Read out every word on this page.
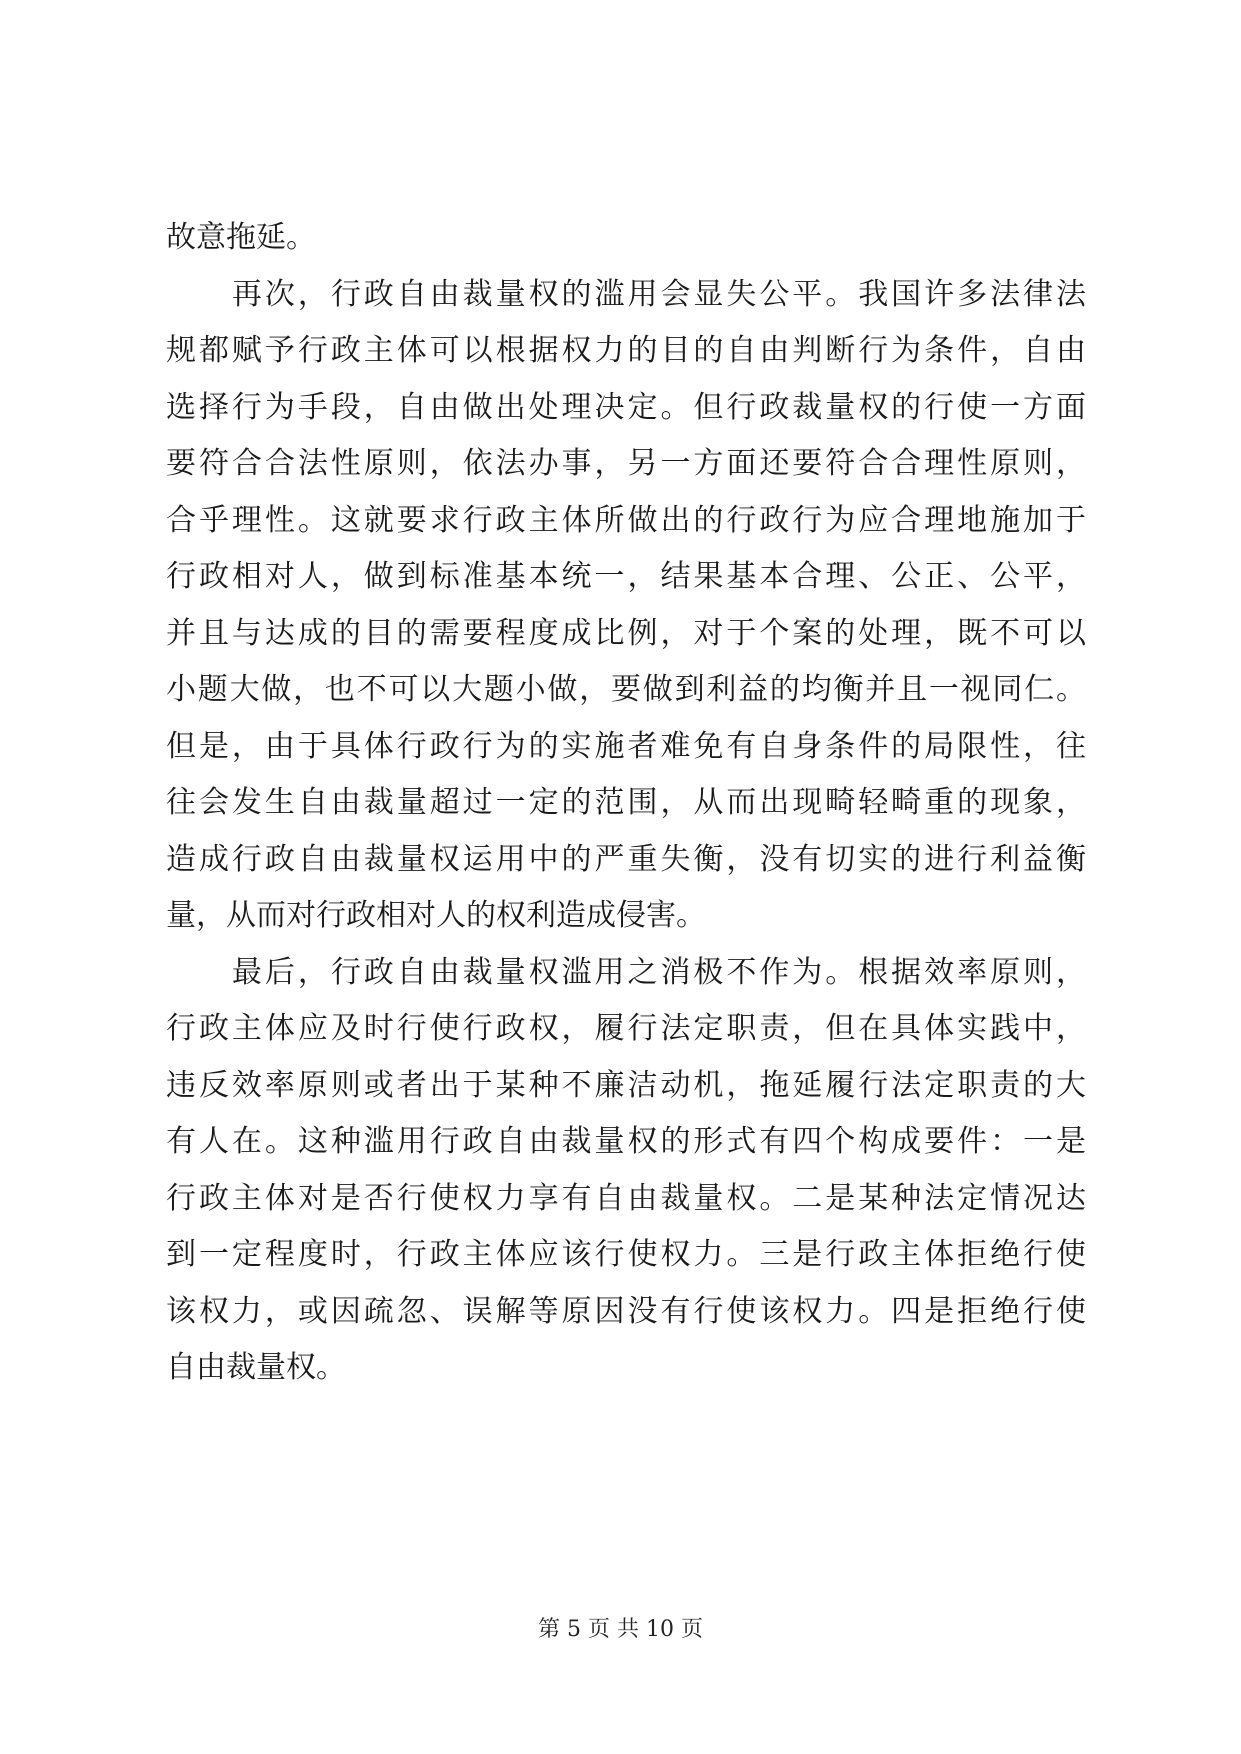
故意拖延。
　　再次，行政自由裁量权的滥用会显失公平。我国许多法律法
规都赋予行政主体可以根据权力的目的自由判断行为条件，自由
选择行为手段，自由做出处理决定。但行政裁量权的行使一方面
要符合合法性原则，依法办事，另一方面还要符合合理性原则，
合乎理性。这就要求行政主体所做出的行政行为应合理地施加于
行政相对人，做到标准基本统一，结果基本合理、公正、公平，
并且与达成的目的需要程度成比例，对于个案的处理，既不可以
小题大做，也不可以大题小做，要做到利益的均衡并且一视同仁。
但是，由于具体行政行为的实施者难免有自身条件的局限性，往
往会发生自由裁量超过一定的范围，从而出现畸轻畸重的现象，
造成行政自由裁量权运用中的严重失衡，没有切实的进行利益衡
量，从而对行政相对人的权利造成侵害。
　　最后，行政自由裁量权滥用之消极不作为。根据效率原则，
行政主体应及时行使行政权，履行法定职责，但在具体实践中，
违反效率原则或者出于某种不廉洁动机，拖延履行法定职责的大
有人在。这种滥用行政自由裁量权的形式有四个构成要件：一是
行政主体对是否行使权力享有自由裁量权。二是某种法定情况达
到一定程度时，行政主体应该行使权力。三是行政主体拒绝行使
该权力，或因疏忽、误解等原因没有行使该权力。四是拒绝行使
自由裁量权。
第 5 页 共 10 页
